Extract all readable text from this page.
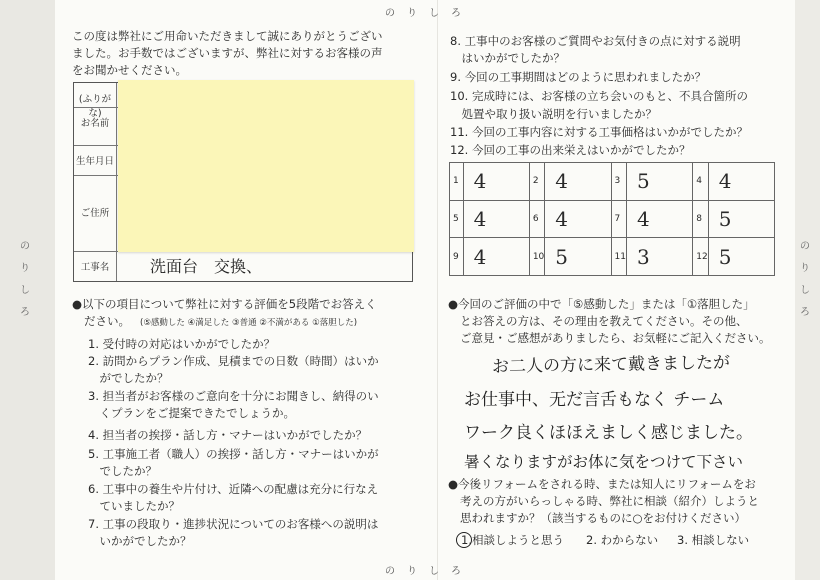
のりしろ
のりしろ
のりしろ
のりしろ
この度は弊社にご用命いただきまして誠にありがとうござい
ました。お手数ではございますが、弊社に対するお客様の声
をお聞かせください。
(ふりがな)
お名前
生年月日
ご住所
工事名	洗面台　交換、
●以下の項目について弊社に対する評価を5段階でお答えく
ださい。 (⑤感動した ④満足した ③普通 ②不満がある ①落胆した)
1. 受付時の対応はいかがでしたか？
2. 訪問からプラン作成、見積までの日数（時間）はいか
　がでしたか？
3. 担当者がお客様のご意向を十分にお聞きし、納得のい
　くプランをご提案できたでしょうか。
4. 担当者の挨拶・話し方・マナーはいかがでしたか？
5. 工事施工者（職人）の挨拶・話し方・マナーはいかが
　でしたか？
6. 工事中の養生や片付け、近隣への配慮は充分に行なえ
　ていましたか？
7. 工事の段取り・進捗状況についてのお客様への説明は
　いかがでしたか？
8. 工事中のお客様のご質問やお気付きの点に対する説明
　はいかがでしたか？
9. 今回の工事期間はどのように思われましたか？
10. 完成時には、お客様の立ち会いのもと、不具合箇所の
　処置や取り扱い説明を行いましたか？
11. 今回の工事内容に対する工事価格はいかがでしたか？
12. 今回の工事の出来栄えはいかがでしたか？
1	4	2	4	3	5	4	4
5	4	6	4	7	4	8	5
9	4	10	5	11	3	12	5
●今回のご評価の中で「⑤感動した」または「①落胆した」
とお答えの方は、その理由を教えてください。その他、
ご意見・ご感想がありましたら、お気軽にご記入ください。
お二人の方に来て戴きましたが
お仕事中、无だ言舌もなく チーム
ワーク良くほほえましく感じました。
暑くなりますがお体に気をつけて下さい
●今後リフォームをされる時、または知人にリフォームをお
考えの方がいらっしゃる時、弊社に相談（紹介）しようと
思われますか？（該当するものに○をお付けください）
1.相談しようと思う 2. わからない 3. 相談しない
